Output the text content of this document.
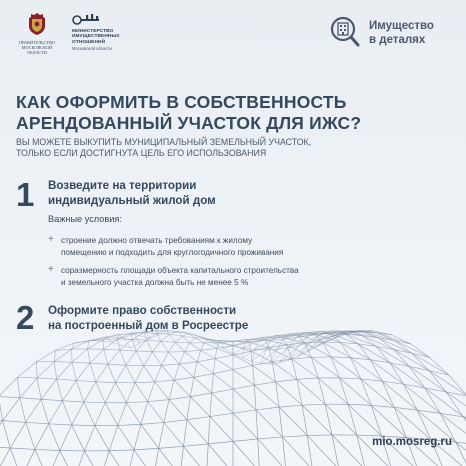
ПРАВИТЕЛЬСТВО МОСКОВСКОЙ ОБЛАСТИ
МИНИСТЕРСТВО
ИМУЩЕСТВЕННЫХ
ОТНОШЕНИЙ
Московской области
Имущество
в деталях
КАК ОФОРМИТЬ В СОБСТВЕННОСТЬ
АРЕНДОВАННЫЙ УЧАСТОК ДЛЯ ИЖС?
ВЫ МОЖЕТЕ ВЫКУПИТЬ МУНИЦИПАЛЬНЫЙ ЗЕМЕЛЬНЫЙ УЧАСТОК,
ТОЛЬКО ЕСЛИ ДОСТИГНУТА ЦЕЛЬ ЕГО ИСПОЛЬЗОВАНИЯ
1 Возведите на территории
индивидуальный жилой дом
Важные условия:
+ строение должно отвечать требованиям к жилому
помещению и подходить для круглогодичного проживания
+ соразмерность площади объекта капитального строительства
и земельного участка должна быть не менее 5 %
2 Оформите право собственности
на построенный дом в Росреестре
mio.mosreg.ru
